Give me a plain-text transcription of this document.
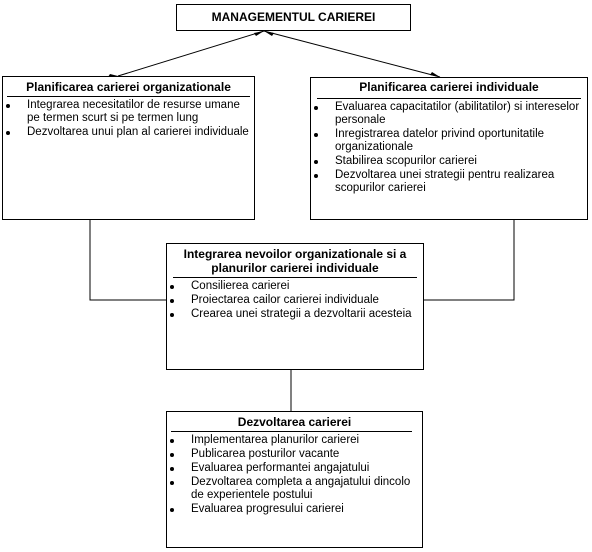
MANAGEMENTUL CARIEREI
Planificarea carierei organizationale
Integrarea necesitatilor de resurse umane pe termen scurt si pe termen lung
Dezvoltarea unui plan al carierei individuale
Planificarea carierei individuale
Evaluarea capacitatilor (abilitatilor) si intereselor personale
Inregistrarea datelor privind oportunitatile organizationale
Stabilirea scopurilor carierei
Dezvoltarea unei strategii pentru realizarea scopurilor carierei
Integrarea nevoilor organizationale si a planurilor carierei individuale
Consilierea carierei
Proiectarea cailor carierei individuale
Crearea unei strategii a dezvoltarii acesteia
Dezvoltarea carierei
Implementarea planurilor carierei
Publicarea posturilor vacante
Evaluarea performantei angajatului
Dezvoltarea completa a angajatului dincolo de experientele postului
Evaluarea progresului carierei
